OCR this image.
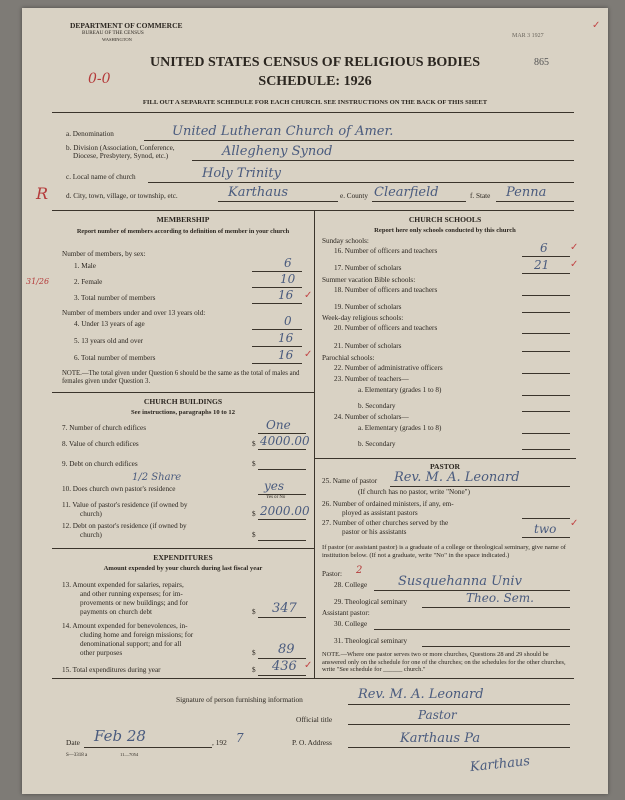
DEPARTMENT OF COMMERCE
BUREAU OF THE CENSUS
WASHINGTON
MAR 3 1927
✓
UNITED STATES CENSUS OF RELIGIOUS BODIES	865
0-0	SCHEDULE: 1926
FILL OUT A SEPARATE SCHEDULE FOR EACH CHURCH. SEE INSTRUCTIONS ON THE BACK OF THIS SHEET
a. Denomination	United Lutheran Church of Amer.
b. Division (Association, Conference,
Diocese, Presbytery, Synod, etc.)	Allegheny Synod
c. Local name of church	Holy Trinity
R d. City, town, village, or township, etc.	Karthaus	e. County Clearfield	f. State Penna
MEMBERSHIP
Report number of members according to definition of member in your church
Number of members, by sex:
1. Male	6
2. Female	10
31/26
3. Total number of members	16 ✓
Number of members under and over 13 years old:
4. Under 13 years of age	0
5. 13 years old and over	16
6. Total number of members	16 ✓
NOTE.—The total given under Question 6 should be the same as the total of males and females given under Question 3.
CHURCH BUILDINGS
See instructions, paragraphs 10 to 12
7. Number of church edifices	One
8. Value of church edifices	$ 4000.00
9. Debt on church edifices	$
1/2 Share
10. Does church own pastor's residence	yes
Yes or No
11. Value of pastor's residence (if owned by
church)	$ 2000.00
12. Debt on pastor's residence (if owned by
church)	$
EXPENDITURES
Amount expended by your church during last fiscal year
13. Amount expended for salaries, repairs,
and other running expenses; for im-
provements or new buildings; and for
payments on church debt	$ 347
14. Amount expended for benevolences, in-
cluding home and foreign missions; for
denominational support; and for all
other purposes	$ 89
15. Total expenditures during year	$ 436 ✓
CHURCH SCHOOLS
Report here only schools conducted by this church
Sunday schools:
16. Number of officers and teachers	6 ✓
17. Number of scholars	21 ✓
Summer vacation Bible schools:
18. Number of officers and teachers
19. Number of scholars
Week-day religious schools:
20. Number of officers and teachers
21. Number of scholars
Parochial schools:
22. Number of administrative officers
23. Number of teachers—
a. Elementary (grades 1 to 8)
b. Secondary
24. Number of scholars—
a. Elementary (grades 1 to 8)
b. Secondary
PASTOR
25. Name of pastor Rev. M. A. Leonard
(If church has no pastor, write "None")
26. Number of ordained ministers, if any, em-
ployed as assistant pastors
27. Number of other churches served by the
pastor or his assistants	two ✓
If pastor (or assistant pastor) is a graduate of a college or theological seminary, give name of institution below. (If not a graduate, write "No" in the space indicated.)
Pastor: 2
28. College Susquehanna Univ
29. Theological seminary	Theo. Sem.
Assistant pastor:
30. College
31. Theological seminary
NOTE.—Where one pastor serves two or more churches, Questions 28 and 29 should be answered only on the schedule for one of the churches; on the schedules for the other churches, write "See schedule for ______ church."
Signature of person furnishing information	Rev. M. A. Leonard
Official title	Pastor
Date Feb 28	, 192 7	P. O. Address	Karthaus Pa
Karthaus
S—3318 a	11—7054
